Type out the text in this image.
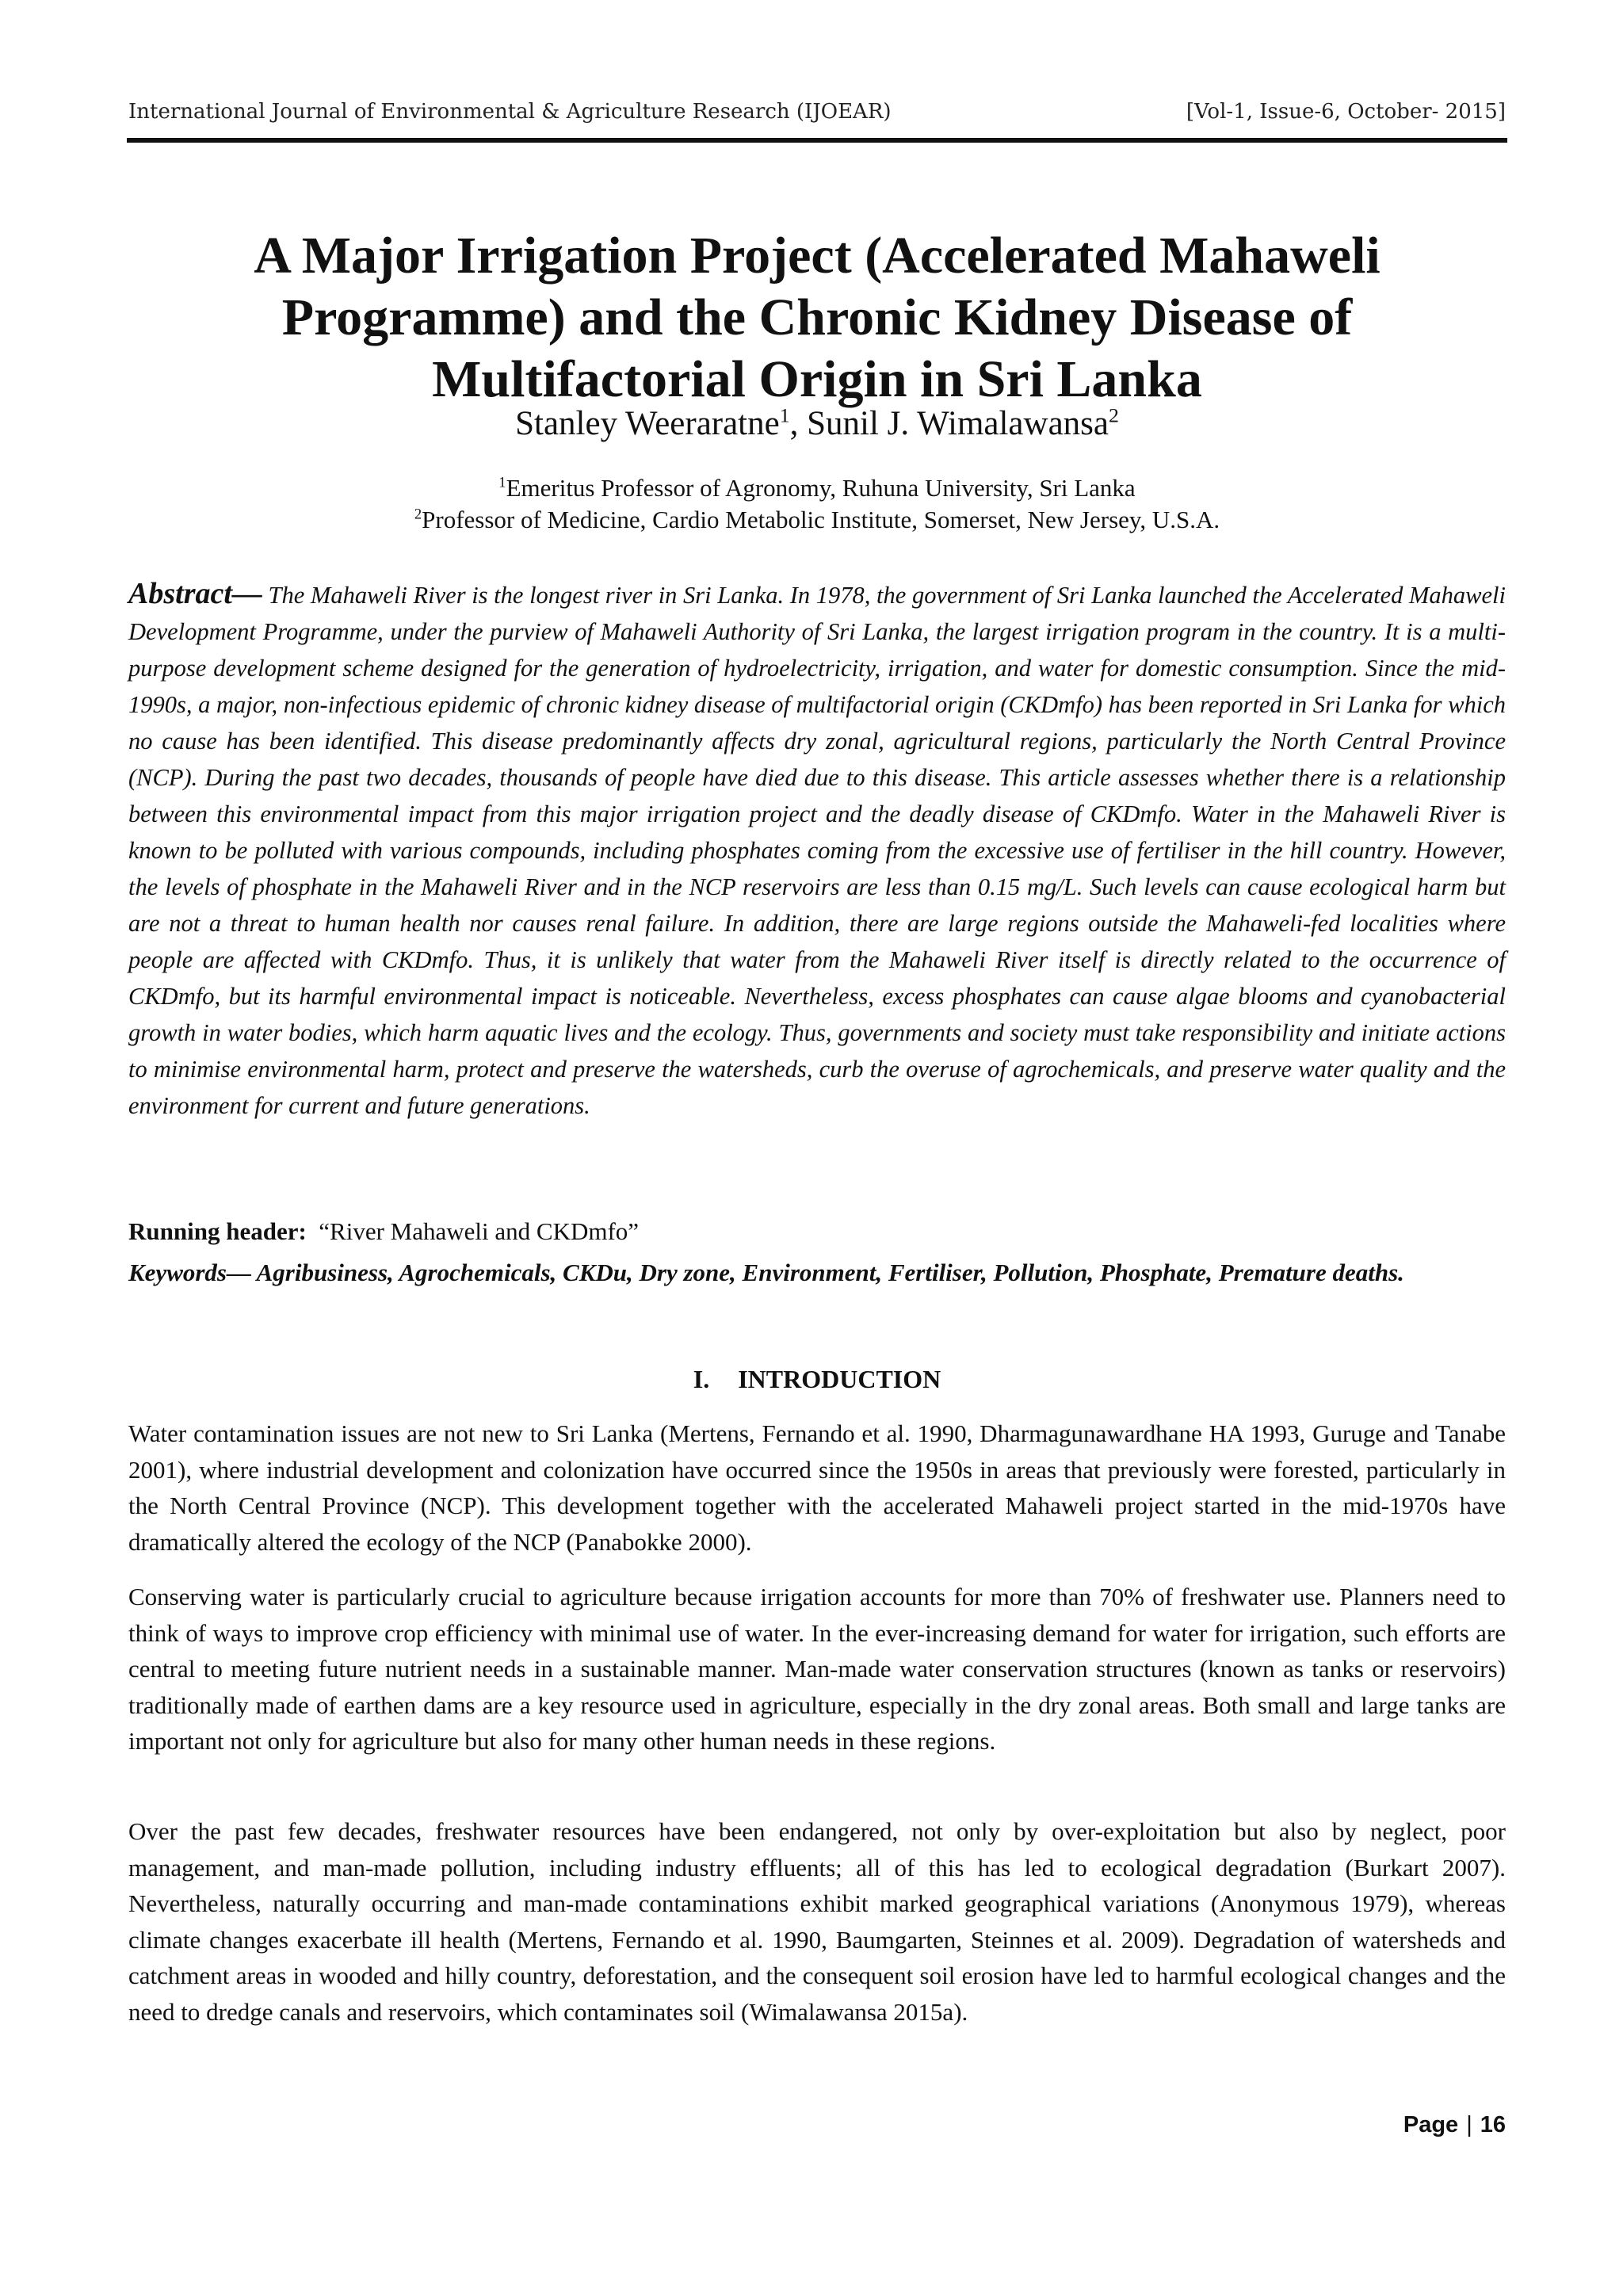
International Journal of Environmental & Agriculture Research (IJOEAR)	[Vol-1, Issue-6, October- 2015]
A Major Irrigation Project (Accelerated Mahaweli Programme) and the Chronic Kidney Disease of Multifactorial Origin in Sri Lanka
Stanley Weeraratne$^1$, Sunil J. Wimalawansa$^2$
$^1$Emeritus Professor of Agronomy, Ruhuna University, Sri Lanka
$^2$Professor of Medicine, Cardio Metabolic Institute, Somerset, New Jersey, U.S.A.

Abstract— The Mahaweli River is the longest river in Sri Lanka. In 1978, the government of Sri Lanka launched the Accelerated Mahaweli Development Programme, under the purview of Mahaweli Authority of Sri Lanka, the largest irrigation program in the country. It is a multi-purpose development scheme designed for the generation of hydroelectricity, irrigation, and water for domestic consumption. Since the mid-1990s, a major, non-infectious epidemic of chronic kidney disease of multifactorial origin (CKDmfo) has been reported in Sri Lanka for which no cause has been identified. This disease predominantly affects dry zonal, agricultural regions, particularly the North Central Province (NCP). During the past two decades, thousands of people have died due to this disease. This article assesses whether there is a relationship between this environmental impact from this major irrigation project and the deadly disease of CKDmfo. Water in the Mahaweli River is known to be polluted with various compounds, including phosphates coming from the excessive use of fertiliser in the hill country. However, the levels of phosphate in the Mahaweli River and in the NCP reservoirs are less than 0.15 mg/L. Such levels can cause ecological harm but are not a threat to human health nor causes renal failure. In addition, there are large regions outside the Mahaweli-fed localities where people are affected with CKDmfo. Thus, it is unlikely that water from the Mahaweli River itself is directly related to the occurrence of CKDmfo, but its harmful environmental impact is noticeable. Nevertheless, excess phosphates can cause algae blooms and cyanobacterial growth in water bodies, which harm aquatic lives and the ecology. Thus, governments and society must take responsibility and initiate actions to minimise environmental harm, protect and preserve the watersheds, curb the overuse of agrochemicals, and preserve water quality and the environment for current and future generations.

Running header: “River Mahaweli and CKDmfo”
Keywords— Agribusiness, Agrochemicals, CKDu, Dry zone, Environment, Fertiliser, Pollution, Phosphate, Premature deaths.
I. INTRODUCTION

Water contamination issues are not new to Sri Lanka (Mertens, Fernando et al. 1990, Dharmagunawardhane HA 1993, Guruge and Tanabe 2001), where industrial development and colonization have occurred since the 1950s in areas that previously were forested, particularly in the North Central Province (NCP). This development together with the accelerated Mahaweli project started in the mid-1970s have dramatically altered the ecology of the NCP (Panabokke 2000).

Conserving water is particularly crucial to agriculture because irrigation accounts for more than 70% of freshwater use. Planners need to think of ways to improve crop efficiency with minimal use of water. In the ever-increasing demand for water for irrigation, such efforts are central to meeting future nutrient needs in a sustainable manner. Man-made water conservation structures (known as tanks or reservoirs) traditionally made of earthen dams are a key resource used in agriculture, especially in the dry zonal areas. Both small and large tanks are important not only for agriculture but also for many other human needs in these regions.

Over the past few decades, freshwater resources have been endangered, not only by over-exploitation but also by neglect, poor management, and man-made pollution, including industry effluents; all of this has led to ecological degradation (Burkart 2007). Nevertheless, naturally occurring and man-made contaminations exhibit marked geographical variations (Anonymous 1979), whereas climate changes exacerbate ill health (Mertens, Fernando et al. 1990, Baumgarten, Steinnes et al. 2009). Degradation of watersheds and catchment areas in wooded and hilly country, deforestation, and the consequent soil erosion have led to harmful ecological changes and the need to dredge canals and reservoirs, which contaminates soil (Wimalawansa 2015a).

Page | 16
